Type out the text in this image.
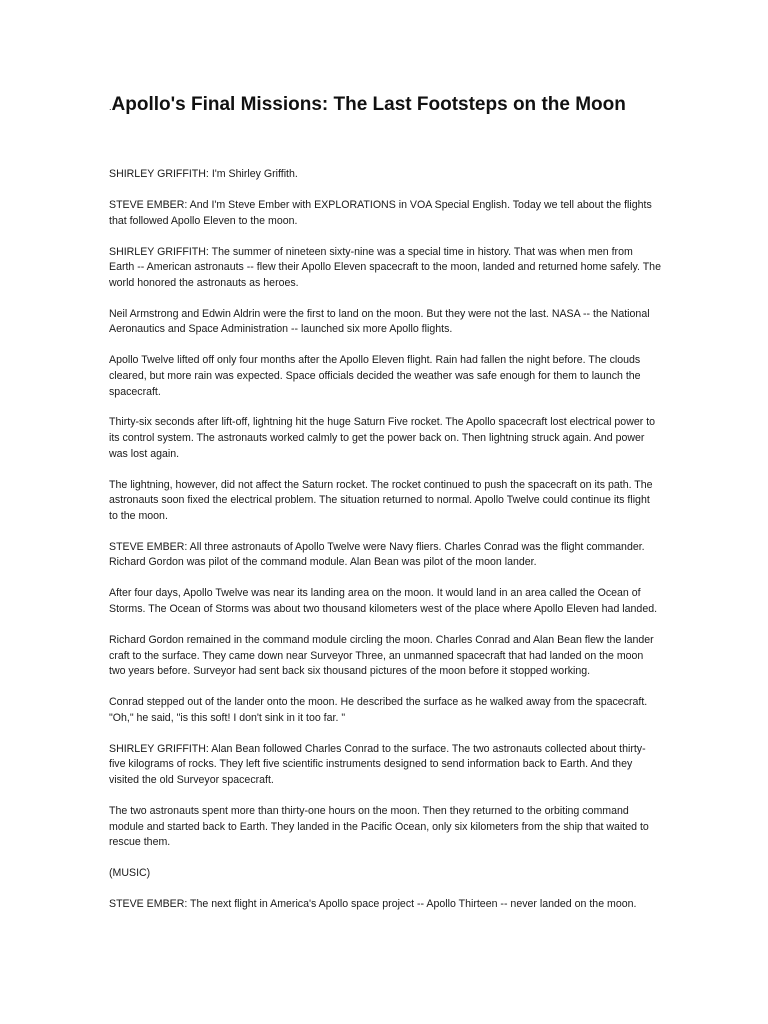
.Apollo's Final Missions: The Last Footsteps on the Moon

SHIRLEY GRIFFITH: I'm Shirley Griffith.

STEVE EMBER: And I'm Steve Ember with EXPLORATIONS in VOA Special English. Today we tell about the flights that followed Apollo Eleven to the moon.

SHIRLEY GRIFFITH: The summer of nineteen sixty-nine was a special time in history. That was when men from Earth -- American astronauts -- flew their Apollo Eleven spacecraft to the moon, landed and returned home safely. The world honored the astronauts as heroes.

Neil Armstrong and Edwin Aldrin were the first to land on the moon. But they were not the last. NASA -- the National Aeronautics and Space Administration -- launched six more Apollo flights.

Apollo Twelve lifted off only four months after the Apollo Eleven flight. Rain had fallen the night before. The clouds cleared, but more rain was expected. Space officials decided the weather was safe enough for them to launch the spacecraft.

Thirty-six seconds after lift-off, lightning hit the huge Saturn Five rocket. The Apollo spacecraft lost electrical power to its control system. The astronauts worked calmly to get the power back on. Then lightning struck again. And power was lost again.

The lightning, however, did not affect the Saturn rocket. The rocket continued to push the spacecraft on its path. The astronauts soon fixed the electrical problem. The situation returned to normal. Apollo Twelve could continue its flight to the moon.

STEVE EMBER: All three astronauts of Apollo Twelve were Navy fliers. Charles Conrad was the flight commander. Richard Gordon was pilot of the command module. Alan Bean was pilot of the moon lander.

After four days, Apollo Twelve was near its landing area on the moon. It would land in an area called the Ocean of Storms. The Ocean of Storms was about two thousand kilometers west of the place where Apollo Eleven had landed.

Richard Gordon remained in the command module circling the moon. Charles Conrad and Alan Bean flew the lander craft to the surface. They came down near Surveyor Three, an unmanned spacecraft that had landed on the moon two years before. Surveyor had sent back six thousand pictures of the moon before it stopped working.

Conrad stepped out of the lander onto the moon. He described the surface as he walked away from the spacecraft. "Oh," he said, "is this soft! I don't sink in it too far. "

SHIRLEY GRIFFITH: Alan Bean followed Charles Conrad to the surface. The two astronauts collected about thirty-five kilograms of rocks. They left five scientific instruments designed to send information back to Earth. And they visited the old Surveyor spacecraft.

The two astronauts spent more than thirty-one hours on the moon. Then they returned to the orbiting command module and started back to Earth. They landed in the Pacific Ocean, only six kilometers from the ship that waited to rescue them.

(MUSIC)

STEVE EMBER: The next flight in America's Apollo space project -- Apollo Thirteen -- never landed on the moon.
